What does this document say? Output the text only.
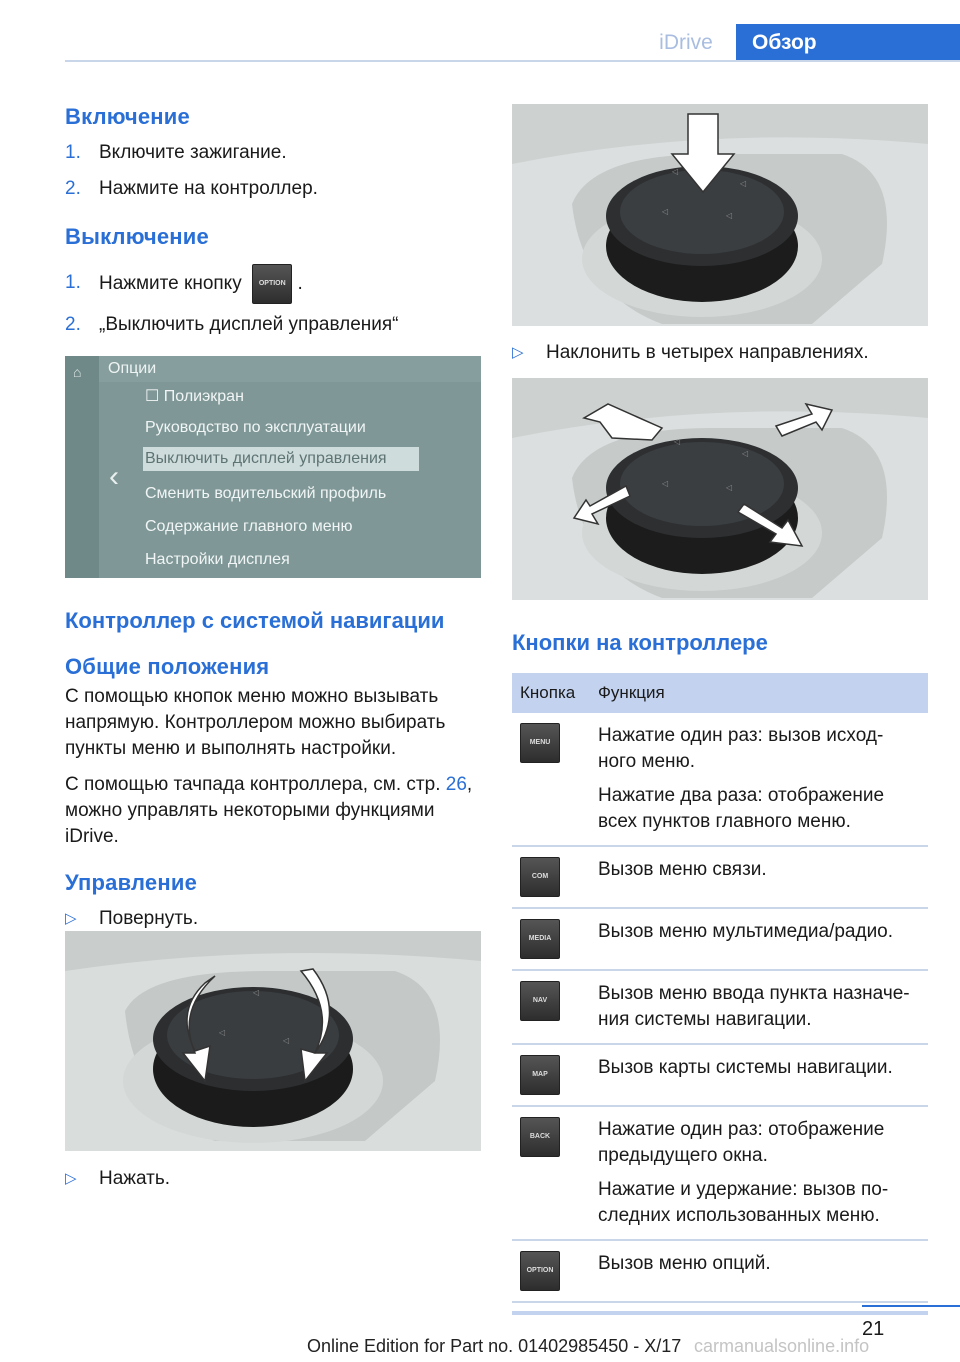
iDrive	Обзор
Включение
1. Включите зажигание.
2. Нажмите на контроллер.
Выключение
1. Нажмите кнопку OPTION .
2. „Выключить дисплей управления“
⌂	Опции
‹
☐ Полиэкран
Руководство по эксплуатации
Выключить дисплей управления
Сменить водительский профиль
Содержание главного меню
Настройки дисплея
Контроллер с системой навигации
Общие положения
С помощью кнопок меню можно вызывать напрямую. Контроллером можно выбирать пункты меню и выполнять настройки.
С помощью тачпада контроллера, см. стр. 26, можно управлять некоторыми функциями iDrive.
Управление
▷ Повернуть.
◁
◁
◁
▷ Нажать.
◁
◁
◁	◁
▷ Наклонить в четырех направлениях.
◁
◁
◁	◁
Кнопки на контроллере
Кнопка	Функция
MENU	Нажатие один раз: вызов исход-ного меню.
Нажатие два раза: отображение всех пунктов главного меню.

COM	Вызов меню связи.

MEDIA	Вызов меню мультимедиа/радио.

NAV	Вызов меню ввода пункта назначе-ния системы навигации.

MAP	Вызов карты системы навигации.

BACK	Нажатие один раз: отображение предыдущего окна.
Нажатие и удержание: вызов по-следних использованных меню.

OPTION	Вызов меню опций.
21
Online Edition for Part no. 01402985450 - X/17 carmanualsonline.info
